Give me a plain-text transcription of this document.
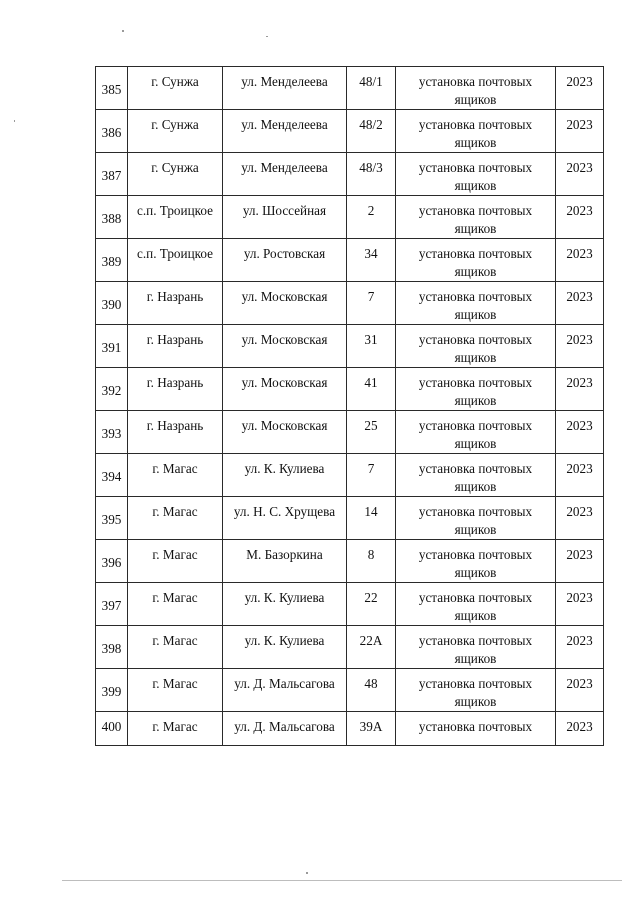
385	г. Сунжа	ул. Менделеева	48/1	установка почтовых ящиков	2023
386	г. Сунжа	ул. Менделеева	48/2	установка почтовых ящиков	2023
387	г. Сунжа	ул. Менделеева	48/3	установка почтовых ящиков	2023
388	с.п. Троицкое	ул. Шоссейная	2	установка почтовых ящиков	2023
389	с.п. Троицкое	ул. Ростовская	34	установка почтовых ящиков	2023
390	г. Назрань	ул. Московская	7	установка почтовых ящиков	2023
391	г. Назрань	ул. Московская	31	установка почтовых ящиков	2023
392	г. Назрань	ул. Московская	41	установка почтовых ящиков	2023
393	г. Назрань	ул. Московская	25	установка почтовых ящиков	2023
394	г. Магас	ул. К. Кулиева	7	установка почтовых ящиков	2023
395	г. Магас	ул. Н. С. Хрущева	14	установка почтовых ящиков	2023
396	г. Магас	М. Базоркина	8	установка почтовых ящиков	2023
397	г. Магас	ул. К. Кулиева	22	установка почтовых ящиков	2023
398	г. Магас	ул. К. Кулиева	22А	установка почтовых ящиков	2023
399	г. Магас	ул. Д. Мальсагова	48	установка почтовых ящиков	2023
400	г. Магас	ул. Д. Мальсагова	39А	установка почтовых	2023
